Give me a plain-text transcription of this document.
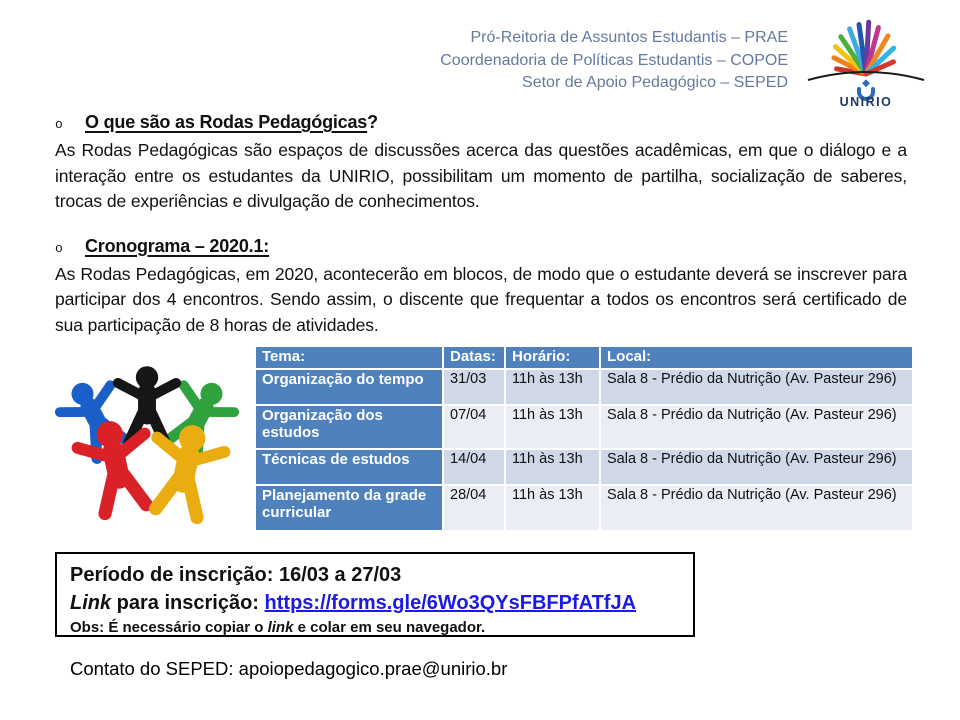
Pró-Reitoria de Assuntos Estudantis – PRAE
Coordenadoria de Políticas Estudantis – COPOE
Setor de Apoio Pedagógico – SEPED
UNIRIO
o	O que são as Rodas Pedagógicas?

As Rodas Pedagógicas são espaços de discussões acerca das questões acadêmicas, em que o diálogo e a interação entre os estudantes da UNIRIO, possibilitam um momento de partilha, socialização de saberes, trocas de experiências e divulgação de conhecimentos.

o	Cronograma – 2020.1:

As Rodas Pedagógicas, em 2020, acontecerão em blocos, de modo que o estudante deverá se inscrever para participar dos 4 encontros. Sendo assim, o discente que frequentar a todos os encontros será certificado de sua participação de 8 horas de atividades.

Tema:	Datas:	Horário:	Local:
Organização do tempo	31/03	11h às 13h	Sala 8 - Prédio da Nutrição (Av. Pasteur 296)
Organização dos estudos	07/04	11h às 13h	Sala 8 - Prédio da Nutrição (Av. Pasteur 296)
Técnicas de estudos	14/04	11h às 13h	Sala 8 - Prédio da Nutrição (Av. Pasteur 296)
Planejamento da grade curricular	28/04	11h às 13h	Sala 8 - Prédio da Nutrição (Av. Pasteur 296)
Período de inscrição: 16/03 a 27/03
Link para inscrição: https://forms.gle/6Wo3QYsFBFPfATfJA
Obs: É necessário copiar o link e colar em seu navegador.
Contato do SEPED: apoiopedagogico.prae@unirio.br
